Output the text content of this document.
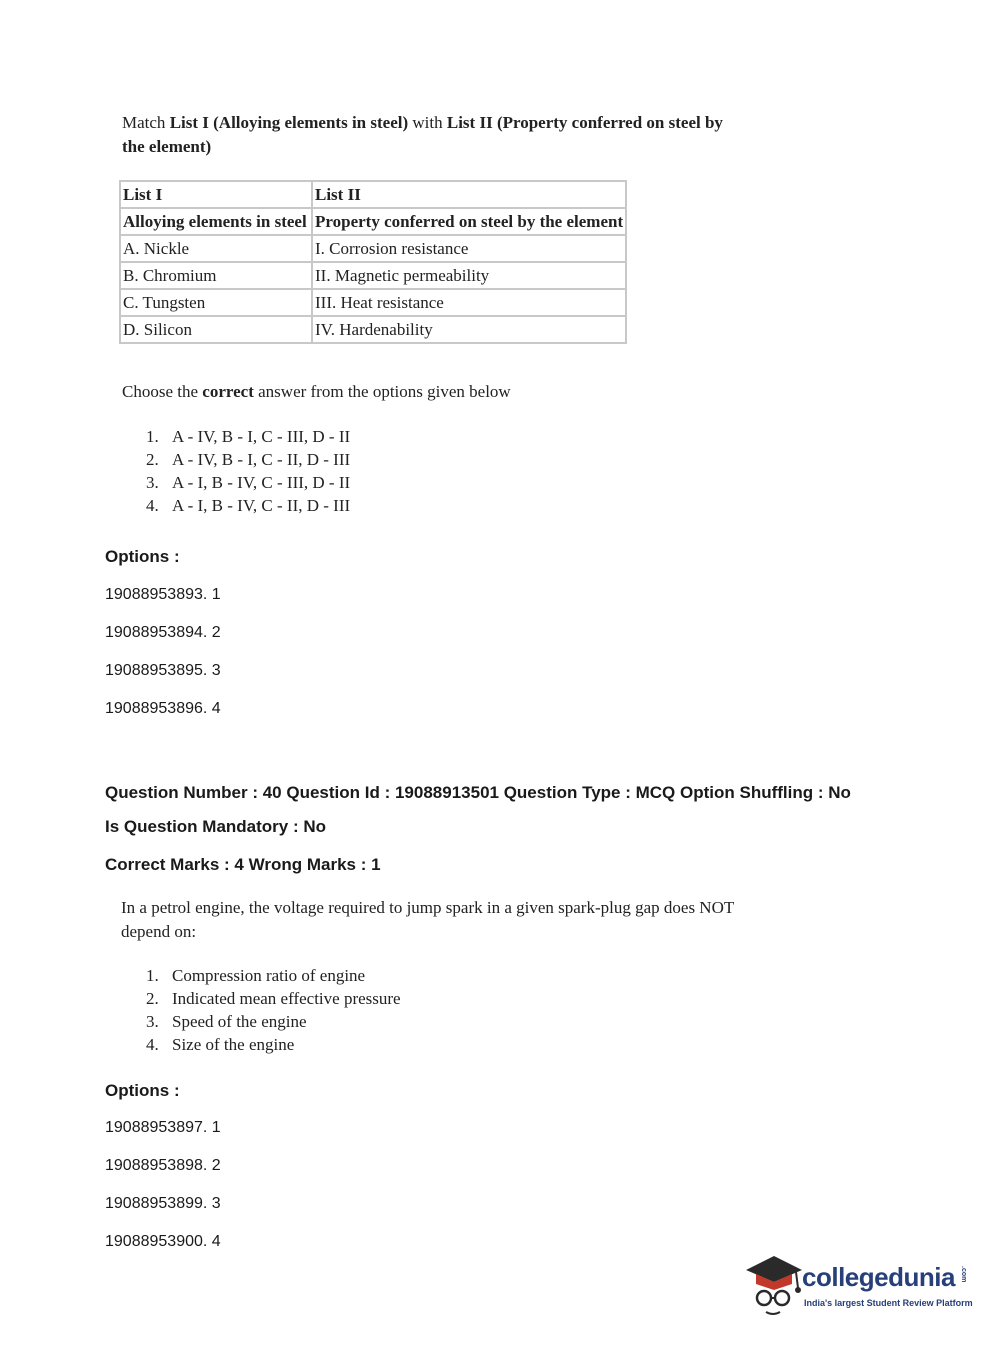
Match List I (Alloying elements in steel) with List II (Property conferred on steel by
the element)
List I	List II
Alloying elements in steel	Property conferred on steel by the element
A. Nickle	I. Corrosion resistance
B. Chromium	II. Magnetic permeability
C. Tungsten	III. Heat resistance
D. Silicon	IV. Hardenability
Choose the correct answer from the options given below
1. A - IV, B - I, C - III, D - II
2. A - IV, B - I, C - II, D - III
3. A - I, B - IV, C - III, D - II
4. A - I, B - IV, C - II, D - III
Options :
19088953893. 1
19088953894. 2
19088953895. 3
19088953896. 4
Question Number : 40 Question Id : 19088913501 Question Type : MCQ Option Shuffling : No
Is Question Mandatory : No
Correct Marks : 4 Wrong Marks : 1
In a petrol engine, the voltage required to jump spark in a given spark-plug gap does NOT
depend on:
1. Compression ratio of engine
2. Indicated mean effective pressure
3. Speed of the engine
4. Size of the engine
Options :
19088953897. 1
19088953898. 2
19088953899. 3
19088953900. 4
collegedunia
India's largest Student Review Platform
.com
